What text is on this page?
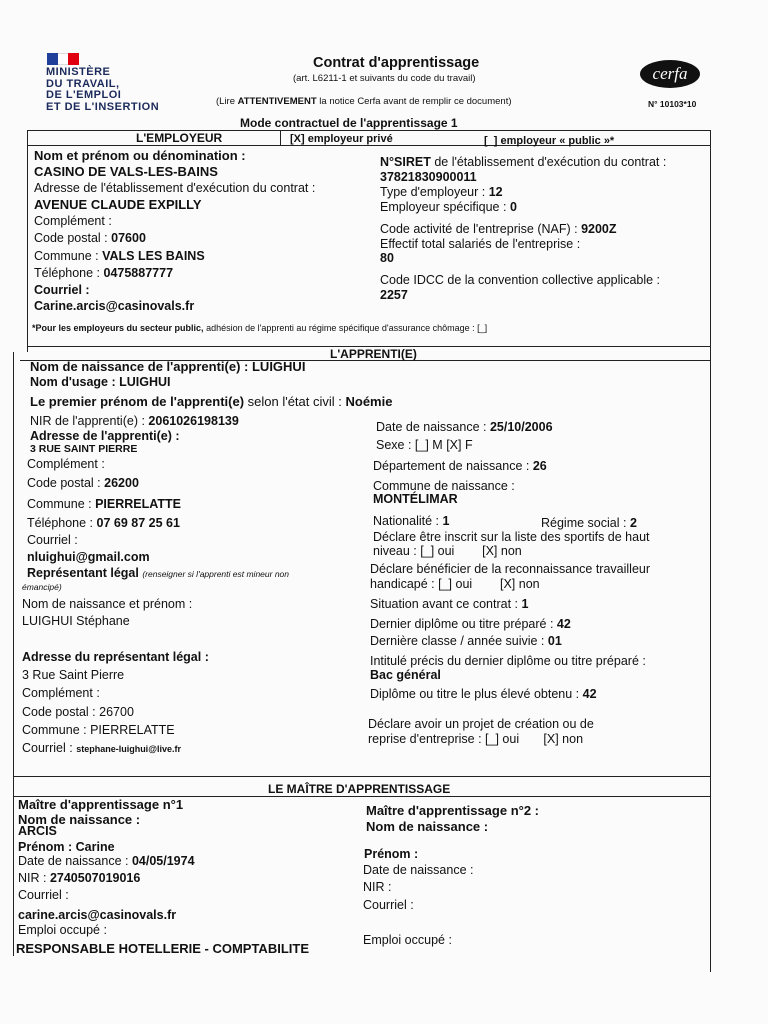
MINISTÈRE
DU TRAVAIL,
DE L'EMPLOI
ET DE L'INSERTION
Contrat d'apprentissage
(art. L6211-1 et suivants du code du travail)
(Lire ATTENTIVEMENT la notice Cerfa avant de remplir ce document)
cerfa
N° 10103*10
Mode contractuel de l'apprentissage 1
L'EMPLOYEUR	[X] employeur privé	[_] employeur « public »*
Nom et prénom ou dénomination :
CASINO DE VALS-LES-BAINS
Adresse de l'établissement d'exécution du contrat :
AVENUE CLAUDE EXPILLY
Complément :
Code postal : 07600
Commune : VALS LES BAINS
Téléphone : 0475887777
Courriel :
Carine.arcis@casinovals.fr
N°SIRET de l'établissement d'exécution du contrat :
37821830900011
Type d'employeur : 12
Employeur spécifique : 0
Code activité de l'entreprise (NAF) : 9200Z
Effectif total salariés de l'entreprise :
80
Code IDCC de la convention collective applicable :
2257
*Pour les employeurs du secteur public, adhésion de l'apprenti au régime spécifique d'assurance chômage : [_]
L'APPRENTI(E)
Nom de naissance de l'apprenti(e) : LUIGHUI
Nom d'usage : LUIGHUI
Le premier prénom de l'apprenti(e) selon l'état civil : Noémie
NIR de l'apprenti(e) : 2061026198139
Adresse de l'apprenti(e) :
3 RUE SAINT PIERRE
Complément :
Code postal : 26200
Commune : PIERRELATTE
Téléphone : 07 69 87 25 61
Courriel :
nluighui@gmail.com
Représentant légal (renseigner si l'apprenti est mineur non
émancipé)
Nom de naissance et prénom :
LUIGHUI Stéphane
Adresse du représentant légal :
3 Rue Saint Pierre
Complément :
Code postal : 26700
Commune : PIERRELATTE
Courriel : stephane-luighui@live.fr
Date de naissance : 25/10/2006
Sexe : [_] M [X] F
Département de naissance : 26
Commune de naissance :
MONTÉLIMAR
Nationalité : 1	Régime social : 2
Déclare être inscrit sur la liste des sportifs de haut
niveau : [_] oui [X] non
Déclare bénéficier de la reconnaissance travailleur
handicapé : [_] oui [X] non
Situation avant ce contrat : 1
Dernier diplôme ou titre préparé : 42
Dernière classe / année suivie : 01
Intitulé précis du dernier diplôme ou titre préparé :
Bac général
Diplôme ou titre le plus élevé obtenu : 42
Déclare avoir un projet de création ou de
reprise d'entreprise : [_] oui [X] non
LE MAÎTRE D'APPRENTISSAGE
Maître d'apprentissage n°1
Nom de naissance :
ARCIS
Prénom : Carine
Date de naissance : 04/05/1974
NIR : 2740507019016
Courriel :
carine.arcis@casinovals.fr
Emploi occupé :
RESPONSABLE HOTELLERIE - COMPTABILITE
Maître d'apprentissage n°2 :
Nom de naissance :
Prénom :
Date de naissance :
NIR :
Courriel :
Emploi occupé :
